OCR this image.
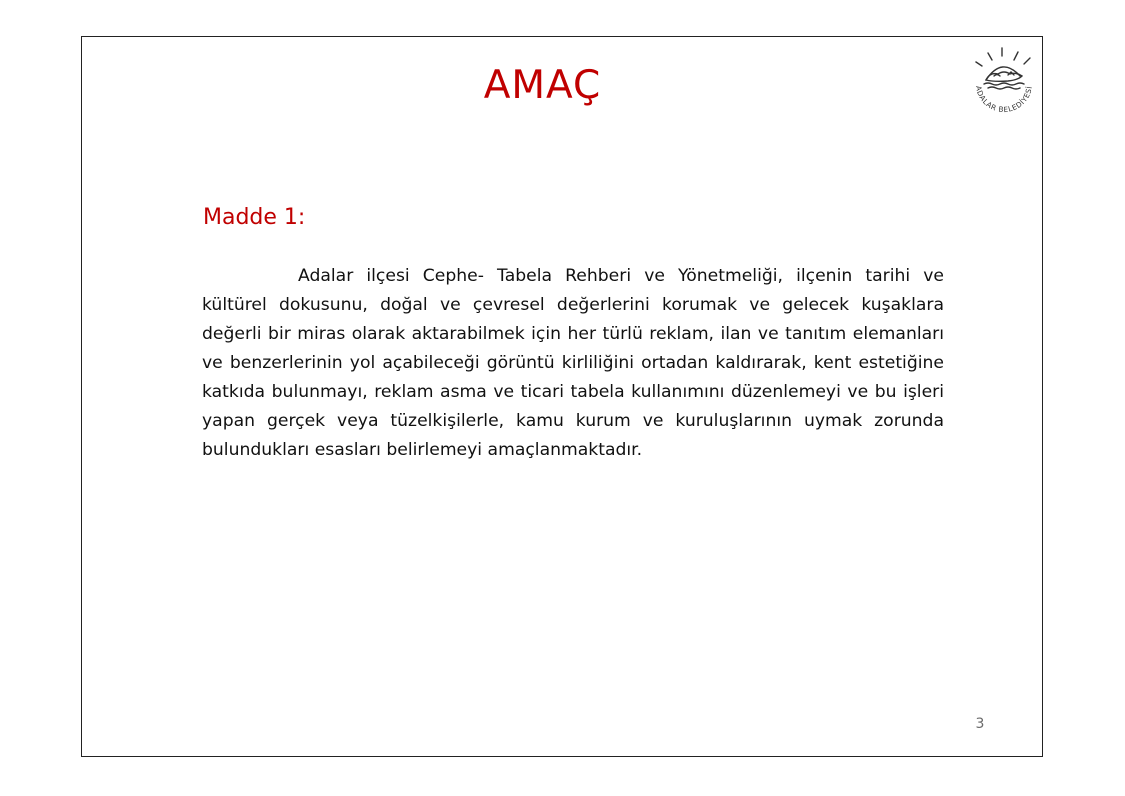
AMAÇ	ADALAR BELEDİYESİ
Madde 1:

Adalar ilçesi Cephe- Tabela Rehberi ve Yönetmeliği, ilçenin tarihi ve kültürel dokusunu, doğal ve çevresel değerlerini korumak ve gelecek kuşaklara değerli bir miras olarak aktarabilmek için her türlü reklam, ilan ve tanıtım elemanları ve benzerlerinin yol açabileceği görüntü kirliliğini ortadan kaldırarak, kent estetiğine katkıda bulunmayı, reklam asma ve ticari tabela kullanımını düzenlemeyi ve bu işleri yapan gerçek veya tüzelkişilerle, kamu kurum ve kuruluşlarının uymak zorunda bulundukları esasları belirlemeyi amaçlanmaktadır.

3
